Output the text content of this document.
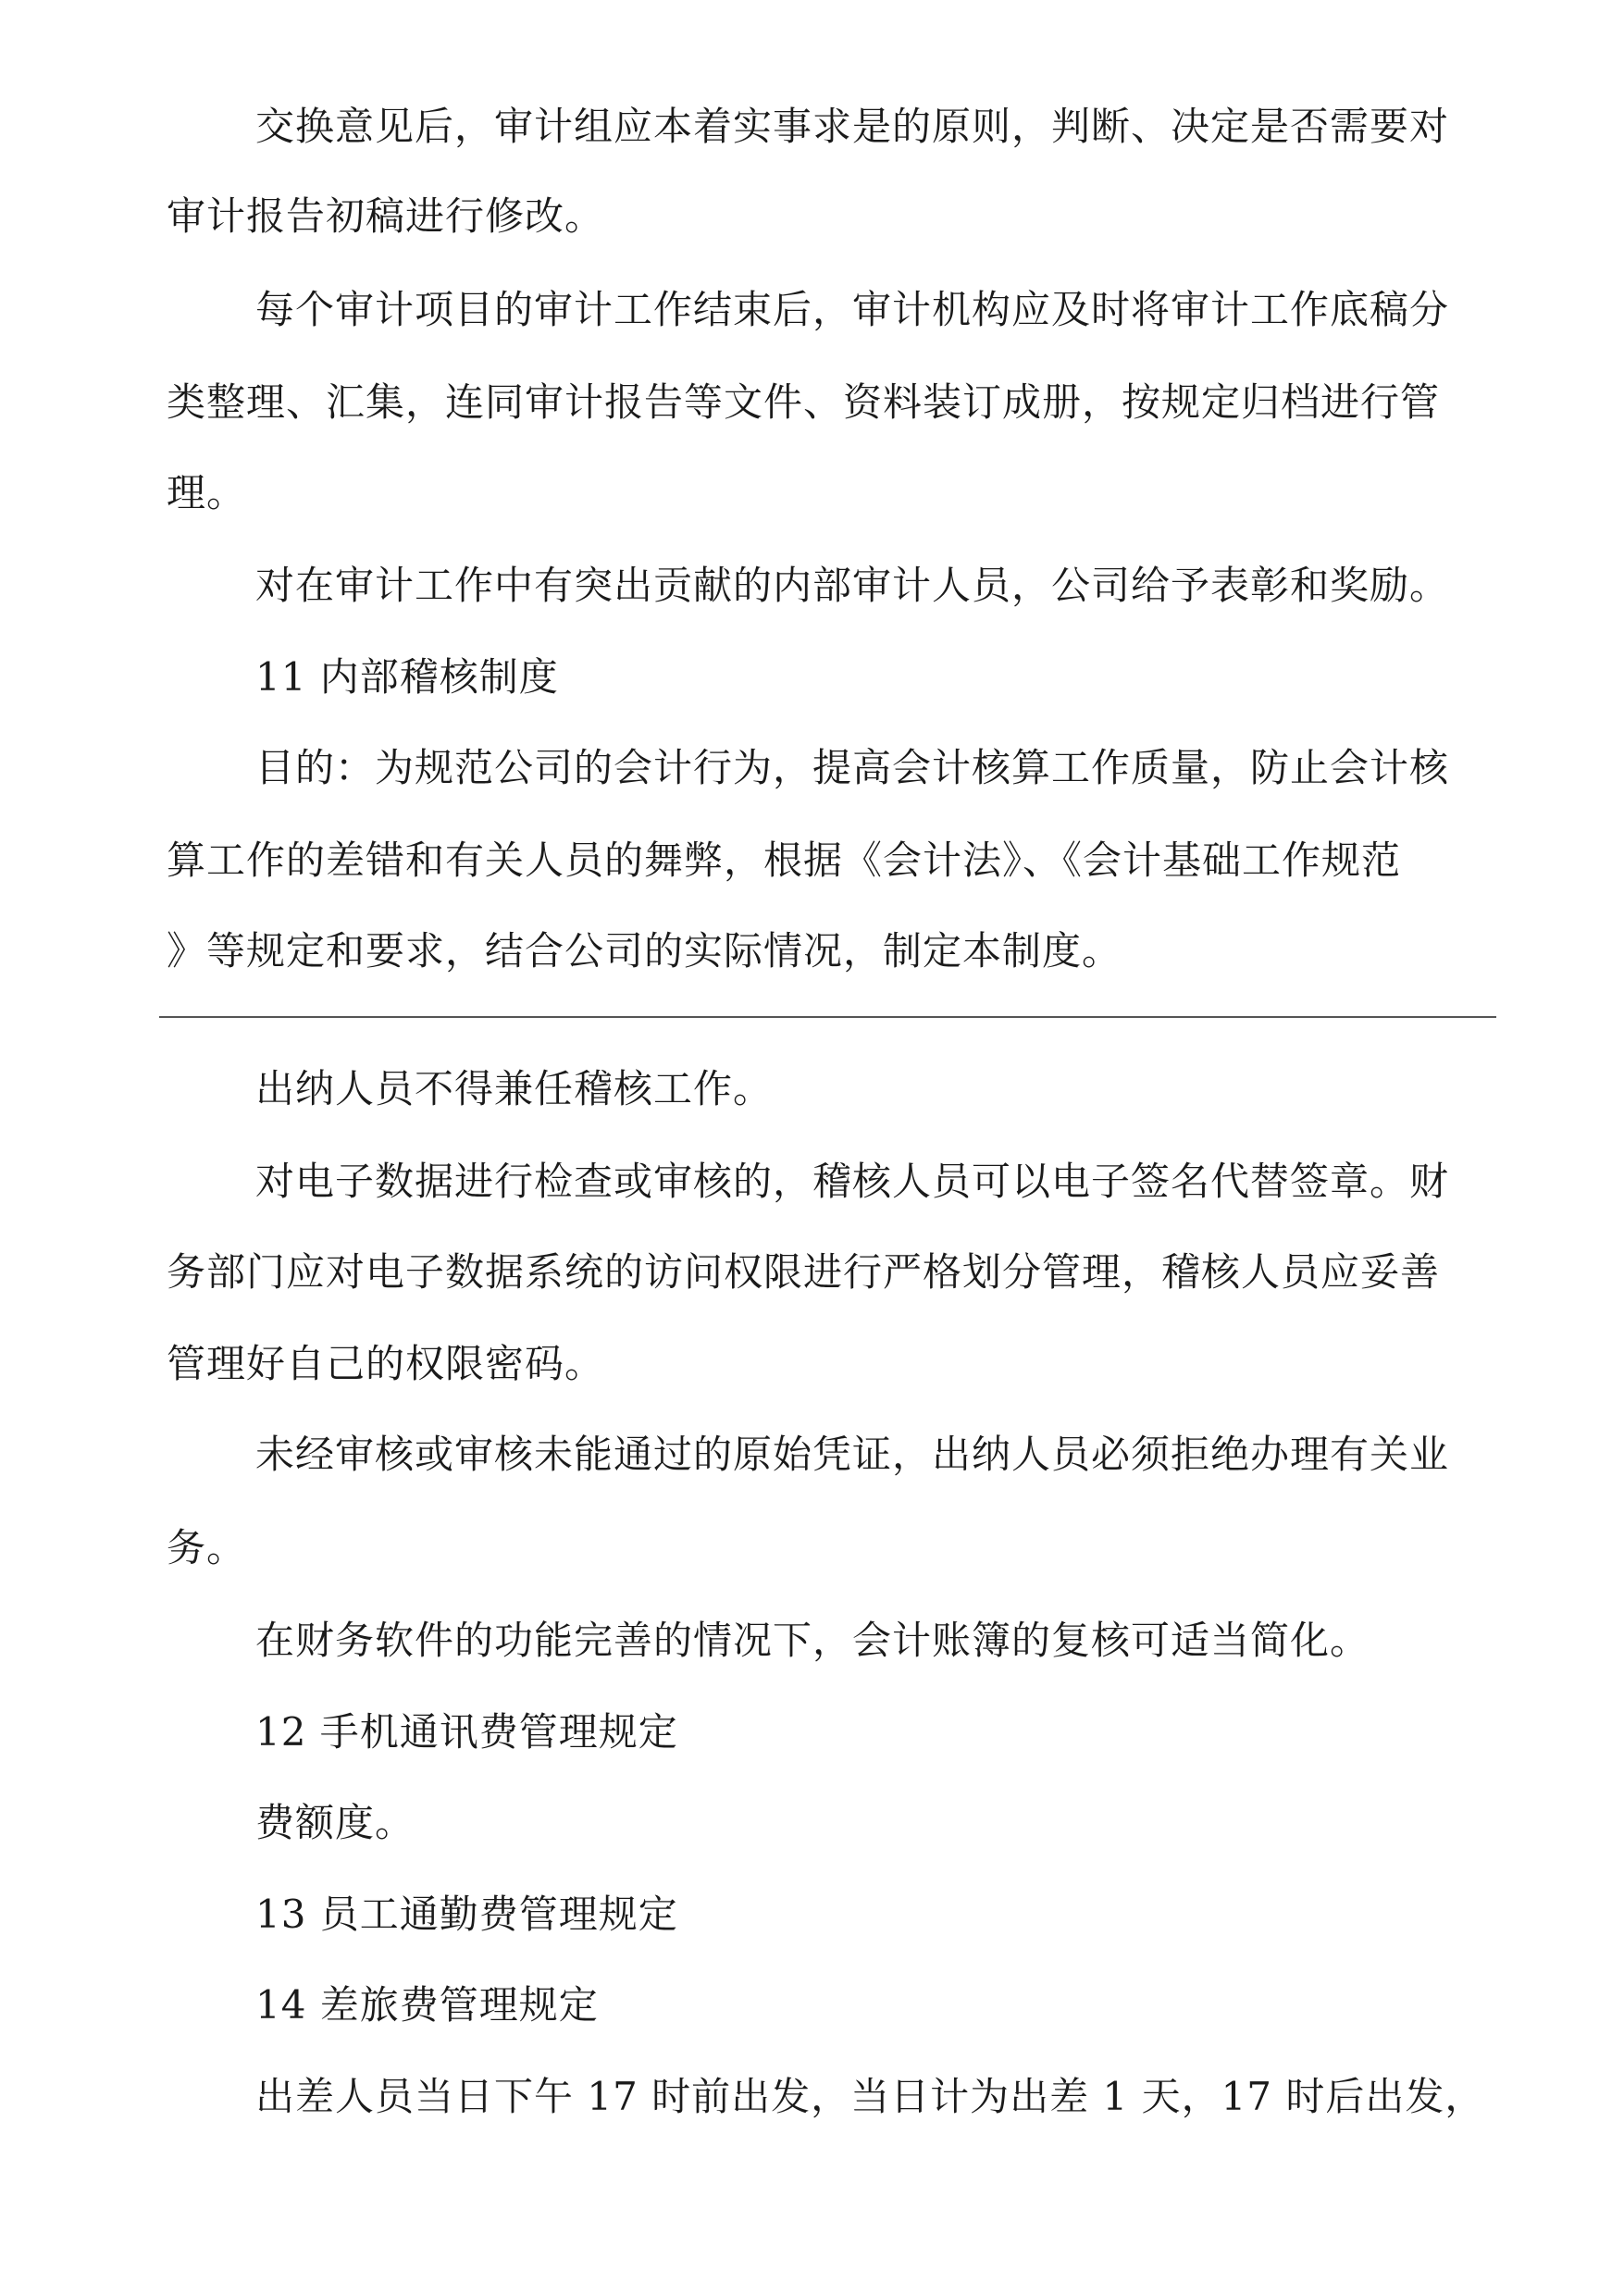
交换意见后，审计组应本着实事求是的原则，判断、决定是否需要对
审计报告初稿进行修改。
每个审计项目的审计工作结束后，审计机构应及时将审计工作底稿分
类整理、汇集，连同审计报告等文件、资料装订成册，按规定归档进行管
理。
对在审计工作中有突出贡献的内部审计人员，公司给予表彰和奖励。
11 内部稽核制度
目的：为规范公司的会计行为，提高会计核算工作质量，防止会计核
算工作的差错和有关人员的舞弊，根据《会计法》、《会计基础工作规范
》等规定和要求，结合公司的实际情况，制定本制度。
出纳人员不得兼任稽核工作。
对电子数据进行检查或审核的，稽核人员可以电子签名代替签章。财
务部门应对电子数据系统的访问权限进行严格划分管理，稽核人员应妥善
管理好自己的权限密码。
未经审核或审核未能通过的原始凭证，出纳人员必须拒绝办理有关业
务。
在财务软件的功能完善的情况下，会计账簿的复核可适当简化。
12 手机通讯费管理规定
费额度。
13 员工通勤费管理规定
14 差旅费管理规定
出差人员当日下午 17 时前出发，当日计为出差 1 天，17 时后出发，
